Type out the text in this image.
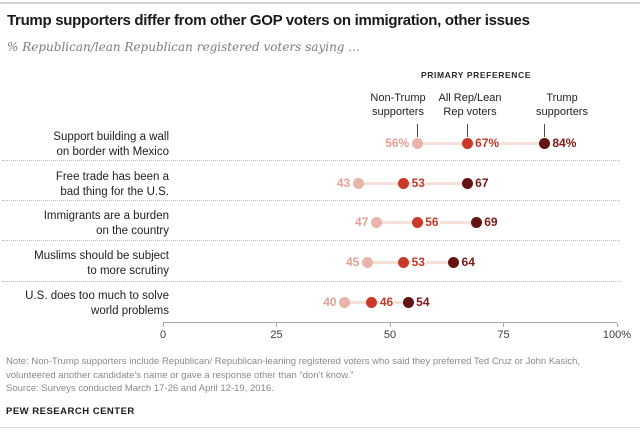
Trump supporters differ from other GOP voters on immigration, other issues
% Republican/lean Republican registered voters saying ...
PRIMARY PREFERENCE
Non-Trump
supporters
All Rep/Lean
Rep voters
Trump
supporters
Support building a wall
on border with Mexico
56%	67%	84%
Free trade has been a
bad thing for the U.S.
43	53	67
Immigrants are a burden
on the country
47	56	69
Muslims should be subject
to more scrutiny
45	53	64
U.S. does too much to solve
world problems
40	46	54
0	25	50	75	100%
Note: Non-Trump supporters include Republican/ Republican-leaning registered voters who said they preferred Ted Cruz or John Kasich,
volunteered another candidate’s name or gave a response other than “don’t know.”
Source: Surveys conducted March 17-26 and April 12-19, 2016.
PEW RESEARCH CENTER
